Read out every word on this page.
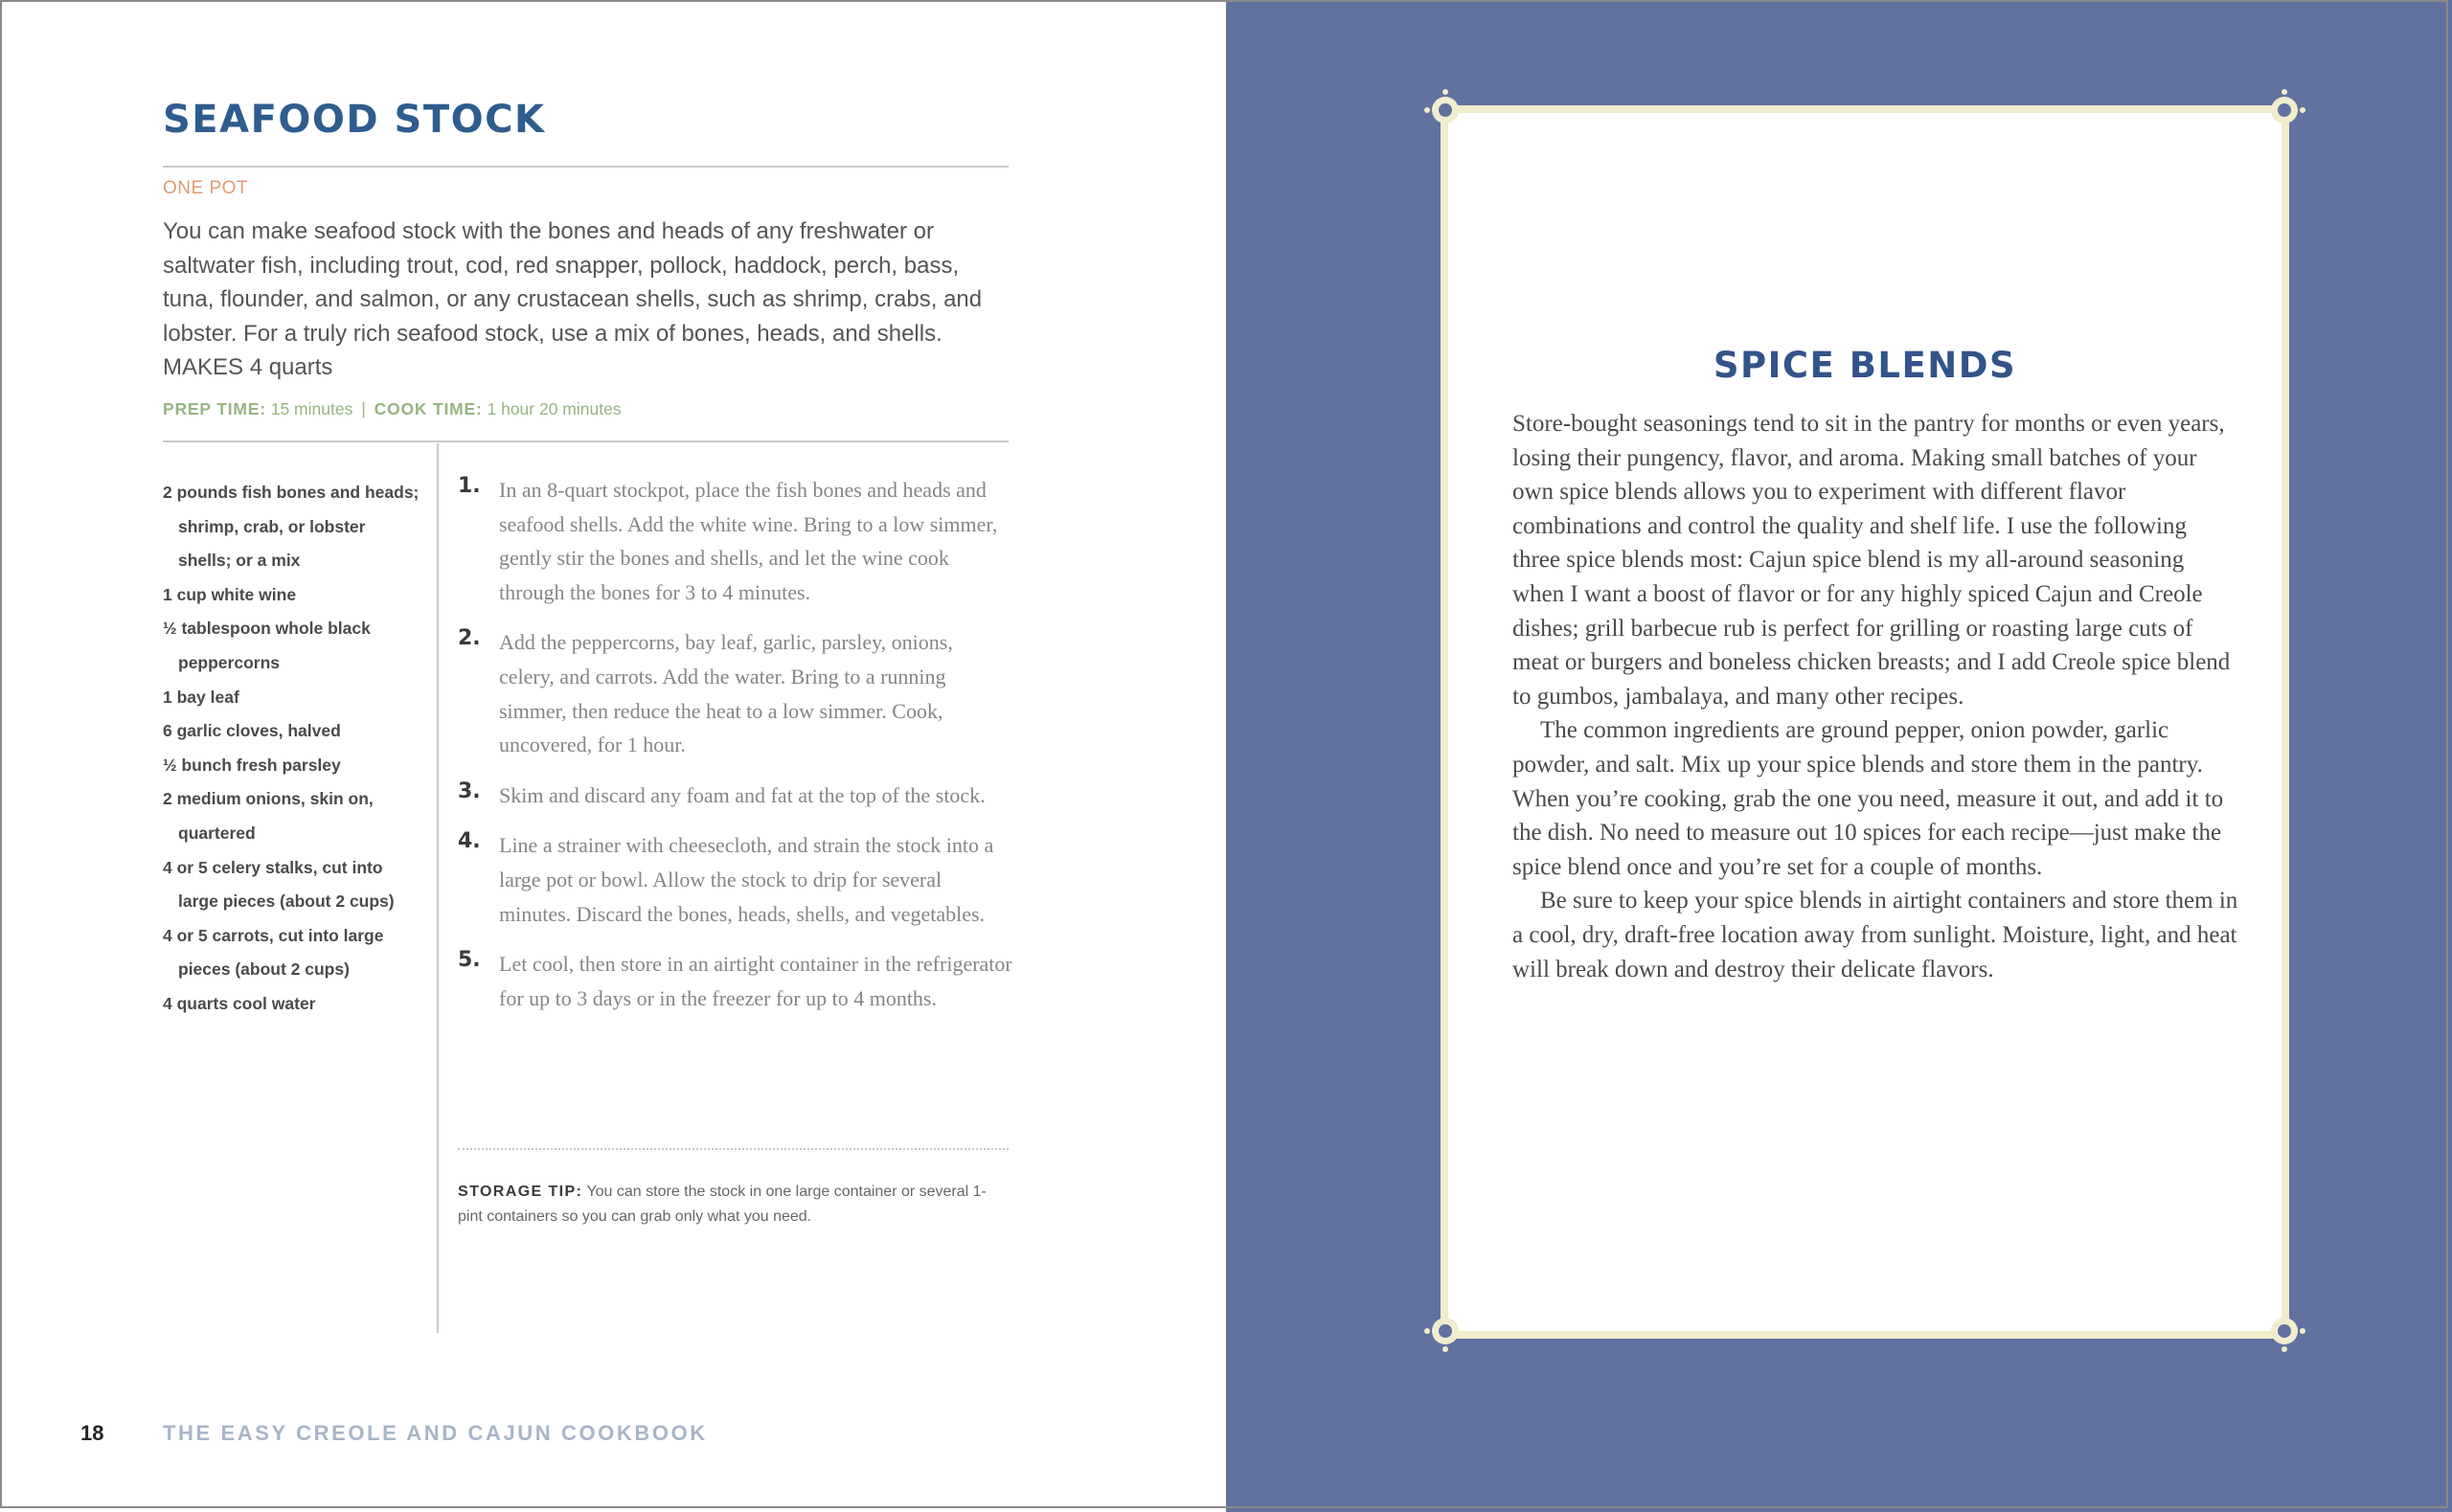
SEAFOOD STOCK
ONE POT

You can make seafood stock with the bones and heads of any freshwater or saltwater fish, including trout, cod, red snapper, pollock, haddock, perch, bass, tuna, flounder, and salmon, or any crustacean shells, such as shrimp, crabs, and lobster. For a truly rich seafood stock, use a mix of bones, heads, and shells. MAKES 4 quarts

PREP TIME: 15 minutes | COOK TIME: 1 hour 20 minutes
2 pounds fish bones and heads; shrimp, crab, or lobster shells; or a mix
1 cup white wine
½ tablespoon whole black peppercorns
1 bay leaf
6 garlic cloves, halved
½ bunch fresh parsley
2 medium onions, skin on, quartered
4 or 5 celery stalks, cut into large pieces (about 2 cups)
4 or 5 carrots, cut into large pieces (about 2 cups)
4 quarts cool water
1. In an 8-quart stockpot, place the fish bones and heads and seafood shells. Add the white wine. Bring to a low simmer, gently stir the bones and shells, and let the wine cook through the bones for 3 to 4 minutes.
2. Add the peppercorns, bay leaf, garlic, parsley, onions, celery, and carrots. Add the water. Bring to a running simmer, then reduce the heat to a low simmer. Cook, uncovered, for 1 hour.
3. Skim and discard any foam and fat at the top of the stock.
4. Line a strainer with cheesecloth, and strain the stock into a large pot or bowl. Allow the stock to drip for several minutes. Discard the bones, heads, shells, and vegetables.
5. Let cool, then store in an airtight container in the refrigerator for up to 3 days or in the freezer for up to 4 months.

STORAGE TIP: You can store the stock in one large container or several 1-pint containers so you can grab only what you need.

18	THE EASY CREOLE AND CAJUN COOKBOOK
SPICE BLENDS

Store-bought seasonings tend to sit in the pantry for months or even years, losing their pungency, flavor, and aroma. Making small batches of your own spice blends allows you to experiment with different flavor combinations and control the quality and shelf life. I use the following three spice blends most: Cajun spice blend is my all-around seasoning when I want a boost of flavor or for any highly spiced Cajun and Creole dishes; grill barbecue rub is perfect for grilling or roasting large cuts of meat or burgers and boneless chicken breasts; and I add Creole spice blend to gumbos, jambalaya, and many other recipes.

The common ingredients are ground pepper, onion powder, garlic powder, and salt. Mix up your spice blends and store them in the pantry. When you’re cooking, grab the one you need, measure it out, and add it to the dish. No need to measure out 10 spices for each recipe—just make the spice blend once and you’re set for a couple of months.

Be sure to keep your spice blends in airtight containers and store them in a cool, dry, draft-free location away from sunlight. Moisture, light, and heat will break down and destroy their delicate flavors.
